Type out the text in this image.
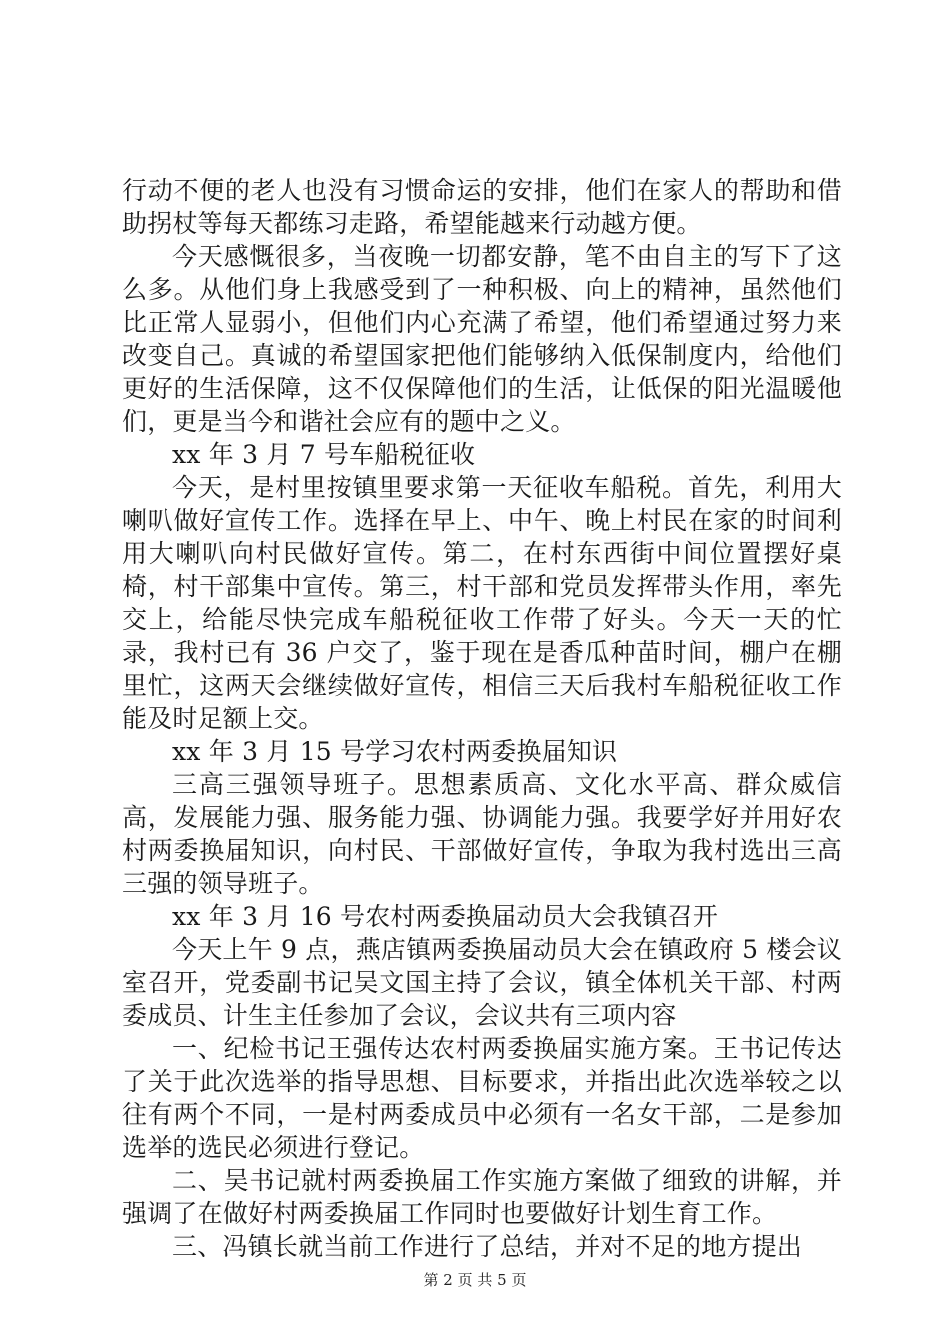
行动不便的老人也没有习惯命运的安排，他们在家人的帮助和借助拐杖等每天都练习走路，希望能越来行动越方便。

今天感慨很多，当夜晚一切都安静，笔不由自主的写下了这么多。从他们身上我感受到了一种积极、向上的精神，虽然他们比正常人显弱小，但他们内心充满了希望，他们希望通过努力来改变自己。真诚的希望国家把他们能够纳入低保制度内，给他们更好的生活保障，这不仅保障他们的生活，让低保的阳光温暖他们，更是当今和谐社会应有的题中之义。

xx 年 3 月 7 号车船税征收

今天，是村里按镇里要求第一天征收车船税。首先，利用大喇叭做好宣传工作。选择在早上、中午、晚上村民在家的时间利用大喇叭向村民做好宣传。第二，在村东西街中间位置摆好桌椅，村干部集中宣传。第三，村干部和党员发挥带头作用，率先交上，给能尽快完成车船税征收工作带了好头。今天一天的忙录，我村已有 36 户交了，鉴于现在是香瓜种苗时间，棚户在棚里忙，这两天会继续做好宣传，相信三天后我村车船税征收工作能及时足额上交。

xx 年 3 月 15 号学习农村两委换届知识

三高三强领导班子。思想素质高、文化水平高、群众威信高，发展能力强、服务能力强、协调能力强。我要学好并用好农村两委换届知识，向村民、干部做好宣传，争取为我村选出三高三强的领导班子。

xx 年 3 月 16 号农村两委换届动员大会我镇召开

今天上午 9 点，燕店镇两委换届动员大会在镇政府 5 楼会议室召开，党委副书记吴文国主持了会议，镇全体机关干部、村两委成员、计生主任参加了会议，会议共有三项内容

一、纪检书记王强传达农村两委换届实施方案。王书记传达了关于此次选举的指导思想、目标要求，并指出此次选举较之以往有两个不同，一是村两委成员中必须有一名女干部，二是参加选举的选民必须进行登记。

二、吴书记就村两委换届工作实施方案做了细致的讲解，并强调了在做好村两委换届工作同时也要做好计划生育工作。

三、冯镇长就当前工作进行了总结，并对不足的地方提出

第 2 页 共 5 页
